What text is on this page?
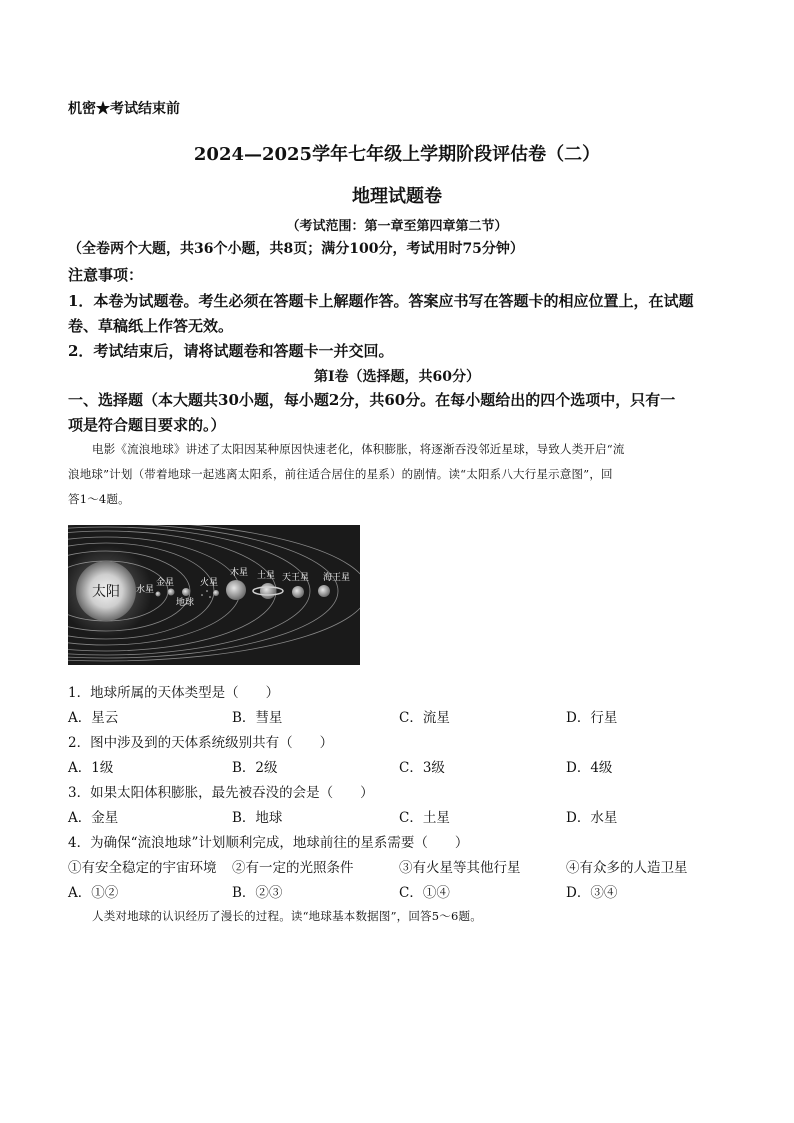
机密★考试结束前
2024—2025学年七年级上学期阶段评估卷（二）
地理试题卷
（考试范围：第一章至第四章第二节）
（全卷两个大题，共36个小题，共8页；满分100分，考试用时75分钟）
注意事项：
1．本卷为试题卷。考生必须在答题卡上解题作答。答案应书写在答题卡的相应位置上，在试题
卷、草稿纸上作答无效。
2．考试结束后，请将试题卷和答题卡一并交回。
第Ⅰ卷（选择题，共60分）
一、选择题（本大题共30小题，每小题2分，共60分。在每小题给出的四个选项中，只有一
项是符合题目要求的。）
电影《流浪地球》讲述了太阳因某种原因快速老化，体积膨胀，将逐渐吞没邻近星球，导致人类开启“流
浪地球”计划（带着地球一起逃离太阳系，前往适合居住的星系）的剧情。读“太阳系八大行星示意图”，回
答1～4题。
太阳 水星
金星
地球
火星
木星 土星 天王星 海王星
1．地球所属的天体类型是（　　）
A．星云	B．彗星	C．流星	D．行星
2．图中涉及到的天体系统级别共有（　　）
A．1级	B．2级	C．3级	D．4级
3．如果太阳体积膨胀，最先被吞没的会是（　　）
A．金星	B．地球	C．土星	D．水星
4．为确保“流浪地球”计划顺利完成，地球前往的星系需要（　　）
①有安全稳定的宇宙环境 ②有一定的光照条件	③有火星等其他行星	④有众多的人造卫星
A．①②	B．②③	C．①④	D．③④
人类对地球的认识经历了漫长的过程。读“地球基本数据图”，回答5～6题。
